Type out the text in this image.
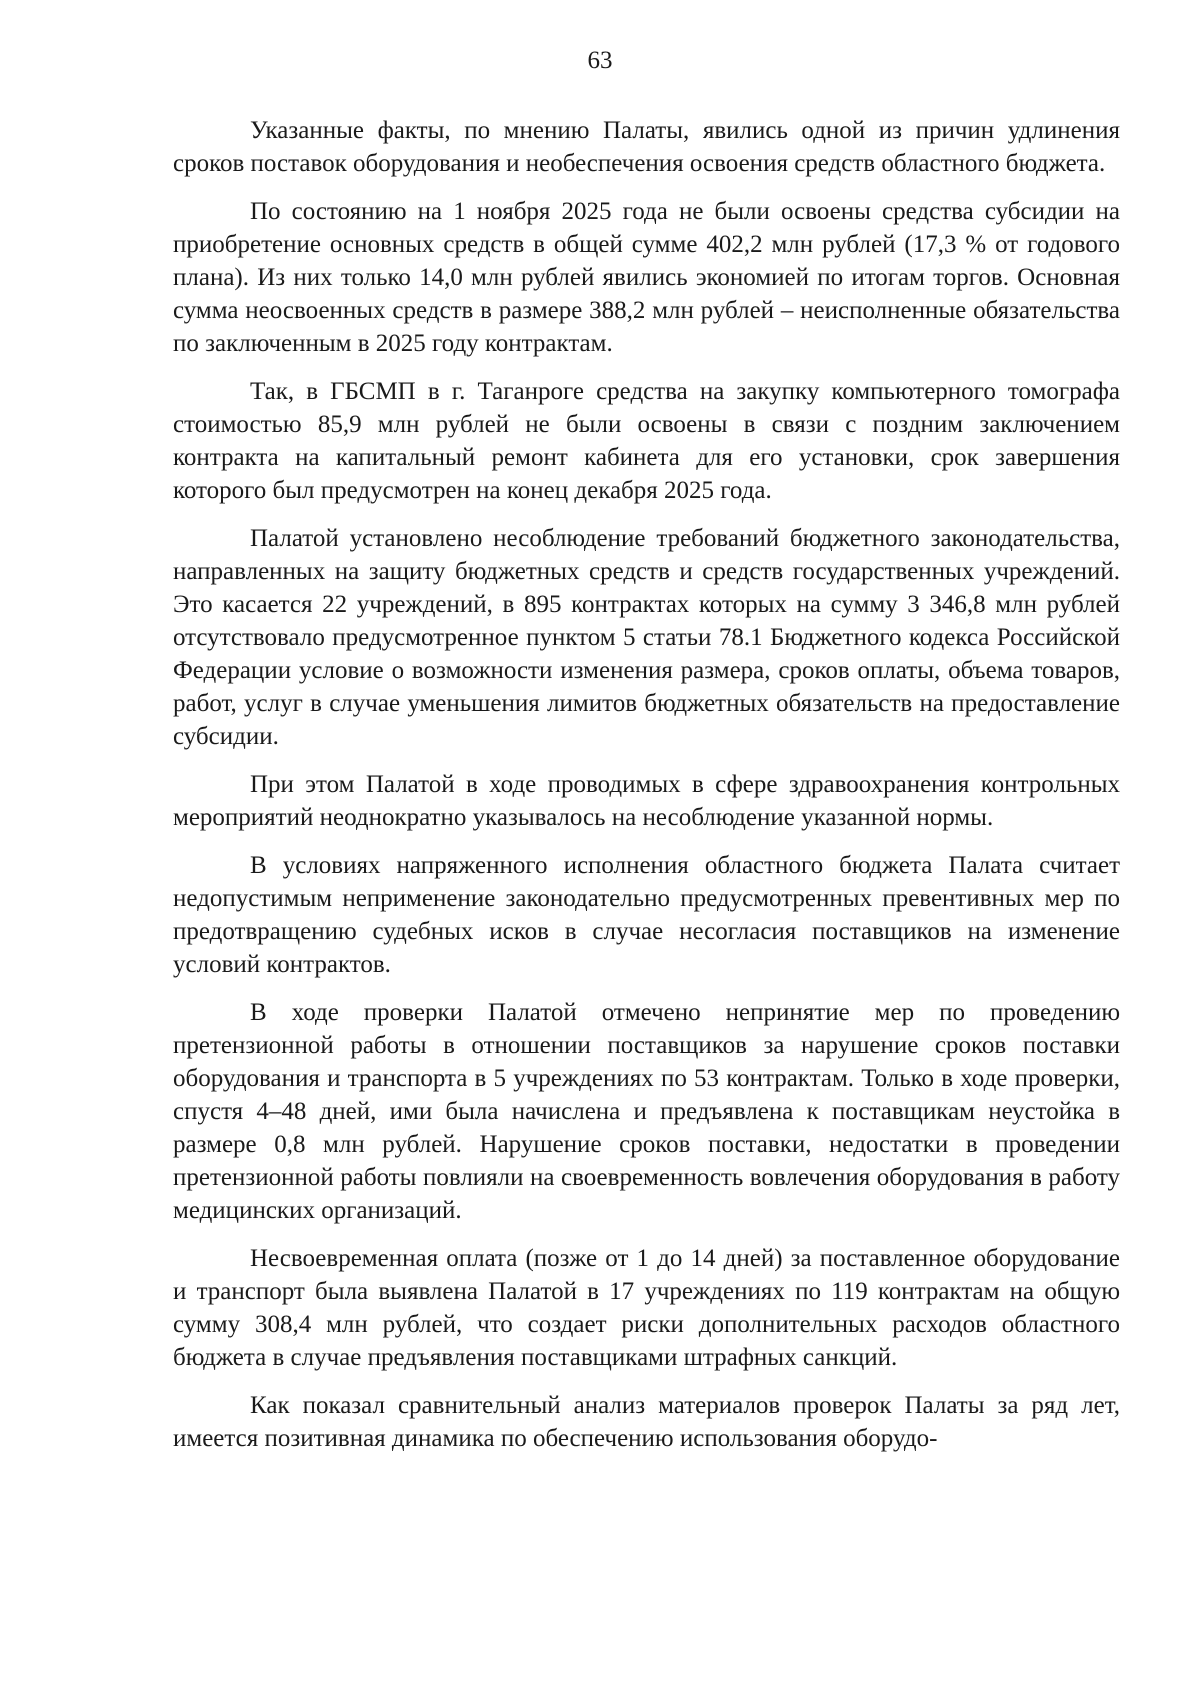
63

Указанные факты, по мнению Палаты, явились одной из причин удлинения сроков поставок оборудования и необеспечения освоения средств областного бюджета.

По состоянию на 1 ноября 2025 года не были освоены средства субсидии на приобретение основных средств в общей сумме 402,2 млн рублей (17,3 % от годового плана). Из них только 14,0 млн рублей явились экономией по итогам торгов. Основная сумма неосвоенных средств в размере 388,2 млн рублей – неисполненные обязательства по заключенным в 2025 году контрактам.

Так, в ГБСМП в г. Таганроге средства на закупку компьютерного томографа стоимостью 85,9 млн рублей не были освоены в связи с поздним заключением контракта на капитальный ремонт кабинета для его установки, срок завершения которого был предусмотрен на конец декабря 2025 года.

Палатой установлено несоблюдение требований бюджетного законодательства, направленных на защиту бюджетных средств и средств государственных учреждений. Это касается 22 учреждений, в 895 контрактах которых на сумму 3 346,8 млн рублей отсутствовало предусмотренное пунктом 5 статьи 78.1 Бюджетного кодекса Российской Федерации условие о возможности изменения размера, сроков оплаты, объема товаров, работ, услуг в случае уменьшения лимитов бюджетных обязательств на предоставление субсидии.

При этом Палатой в ходе проводимых в сфере здравоохранения контрольных мероприятий неоднократно указывалось на несоблюдение указанной нормы.

В условиях напряженного исполнения областного бюджета Палата считает недопустимым неприменение законодательно предусмотренных превентивных мер по предотвращению судебных исков в случае несогласия поставщиков на изменение условий контрактов.

В ходе проверки Палатой отмечено непринятие мер по проведению претензионной работы в отношении поставщиков за нарушение сроков поставки оборудования и транспорта в 5 учреждениях по 53 контрактам. Только в ходе проверки, спустя 4–48 дней, ими была начислена и предъявлена к поставщикам неустойка в размере 0,8 млн рублей. Нарушение сроков поставки, недостатки в проведении претензионной работы повлияли на своевременность вовлечения оборудования в работу медицинских организаций.

Несвоевременная оплата (позже от 1 до 14 дней) за поставленное оборудование и транспорт была выявлена Палатой в 17 учреждениях по 119 контрактам на общую сумму 308,4 млн рублей, что создает риски дополнительных расходов областного бюджета в случае предъявления поставщиками штрафных санкций.

Как показал сравнительный анализ материалов проверок Палаты за ряд лет, имеется позитивная динамика по обеспечению использования оборудо-
